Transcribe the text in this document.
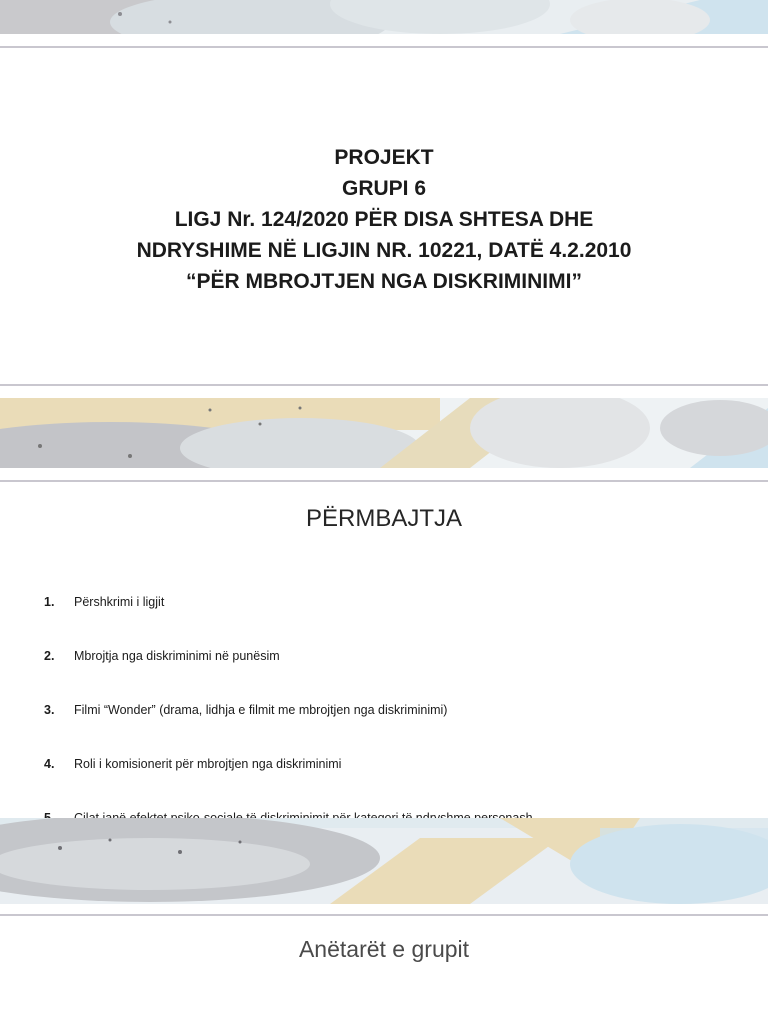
PROJEKT
GRUPI 6
LIGJ Nr. 124/2020 PËR DISA SHTESA DHE
NDRYSHIME NË LIGJIN NR. 10221, DATË 4.2.2010
“PËR MBROJTJEN NGA DISKRIMINIMI”
PËRMBAJTJA
1. Përshkrimi i ligjit
2. Mbrojtja nga diskriminimi në punësim
3. Filmi “Wonder” (drama, lidhja e filmit me mbrojtjen nga diskriminimi)
4. Roli i komisionerit për mbrojtjen nga diskriminimi
Anëtarët e grupit
